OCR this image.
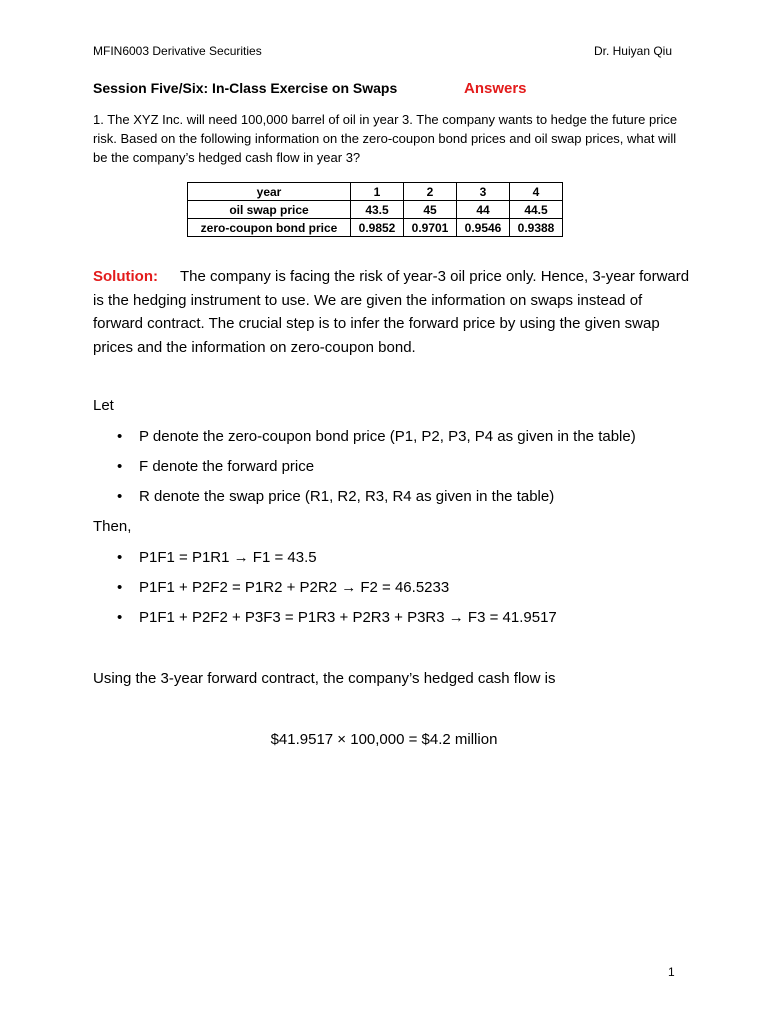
MFIN6003 Derivative Securities	Dr. Huiyan Qiu
Session Five/Six: In-Class Exercise on Swaps	Answers
1. The XYZ Inc. will need 100,000 barrel of oil in year 3. The company wants to hedge the future price risk. Based on the following information on the zero-coupon bond prices and oil swap prices, what will be the company’s hedged cash flow in year 3?
year	1	2	3	4
oil swap price	43.5	45	44	44.5
zero-coupon bond price	0.9852	0.9701	0.9546	0.9388
Solution: The company is facing the risk of year-3 oil price only. Hence, 3-year forward is the hedging instrument to use. We are given the information on swaps instead of forward contract. The crucial step is to infer the forward price by using the given swap prices and the information on zero-coupon bond.
Let
• P denote the zero-coupon bond price (P1, P2, P3, P4 as given in the table)
• F denote the forward price
• R denote the swap price (R1, R2, R3, R4 as given in the table)
Then,
• P1F1 = P1R1 → F1 = 43.5
• P1F1 + P2F2 = P1R2 + P2R2 → F2 = 46.5233
• P1F1 + P2F2 + P3F3 = P1R3 + P2R3 + P3R3 → F3 = 41.9517
Using the 3-year forward contract, the company’s hedged cash flow is
$41.9517 × 100,000 = $4.2 million
1
